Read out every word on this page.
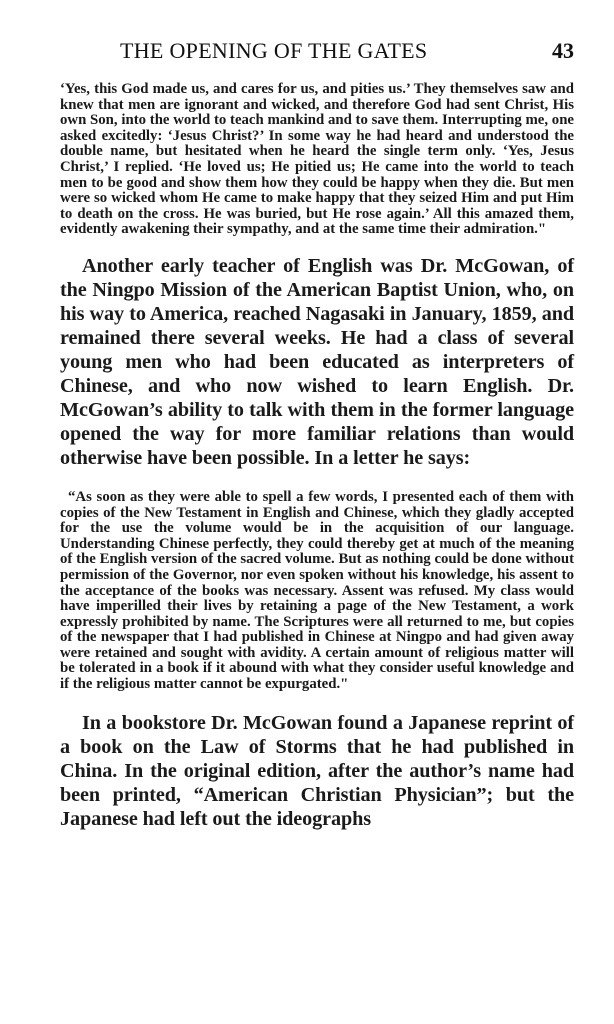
THE OPENING OF THE GATES	43

‘Yes, this God made us, and cares for us, and pities us.’ They themselves saw and knew that men are ignorant and wicked, and therefore God had sent Christ, His own Son, into the world to teach mankind and to save them. Interrupting me, one asked excitedly: ‘Jesus Christ?’ In some way he had heard and understood the double name, but hesitated when he heard the single term only. ‘Yes, Jesus Christ,’ I replied. ‘He loved us; He pitied us; He came into the world to teach men to be good and show them how they could be happy when they die. But men were so wicked whom He came to make happy that they seized Him and put Him to death on the cross. He was buried, but He rose again.’ All this amazed them, evidently awakening their sympathy, and at the same time their admiration."

Another early teacher of English was Dr. McGowan, of the Ningpo Mission of the American Baptist Union, who, on his way to America, reached Nagasaki in January, 1859, and remained there several weeks. He had a class of several young men who had been educated as interpreters of Chinese, and who now wished to learn English. Dr. McGowan’s ability to talk with them in the former language opened the way for more familiar relations than would otherwise have been possible. In a letter he says:

“As soon as they were able to spell a few words, I presented each of them with copies of the New Testament in English and Chinese, which they gladly accepted for the use the volume would be in the acquisition of our language. Understanding Chinese perfectly, they could thereby get at much of the meaning of the English version of the sacred volume. But as nothing could be done without permission of the Governor, nor even spoken without his knowledge, his assent to the acceptance of the books was necessary. Assent was refused. My class would have imperilled their lives by retaining a page of the New Testament, a work expressly prohibited by name. The Scriptures were all returned to me, but copies of the newspaper that I had published in Chinese at Ningpo and had given away were retained and sought with avidity. A certain amount of religious matter will be tolerated in a book if it abound with what they consider useful knowledge and if the religious matter cannot be expurgated."

In a bookstore Dr. McGowan found a Japanese reprint of a book on the Law of Storms that he had published in China. In the original edition, after the author’s name had been printed, “American Christian Physician”; but the Japanese had left out the ideographs
